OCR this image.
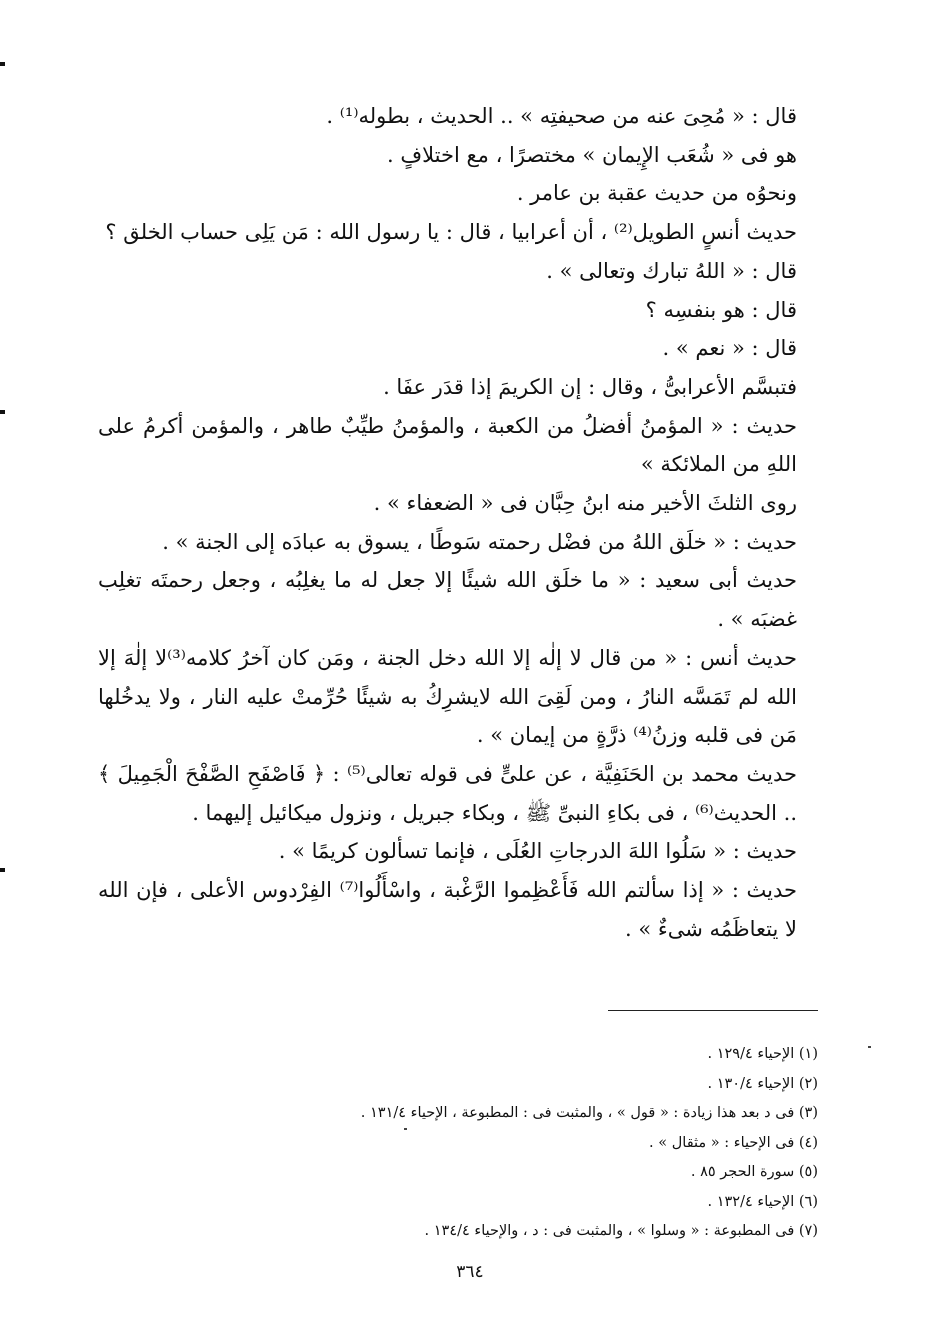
قال : « مُحِىَ عنه من صحيفتِه » .. الحديث ، بطوله⁽¹⁾ .

هو فى « شُعَب الإِيمان » مختصرًا ، مع اختلافٍ .

ونحوُه من حديث عقبة بن عامر .

حديث أنسٍ الطويل⁽²⁾ ، أن أعرابيا ، قال : يا رسول الله : مَن يَلِى حساب الخلق ؟

قال : « اللهُ تبارك وتعالى » .

قال : هو بنفسِه ؟

قال : « نعم » .

فتبسَّم الأعرابىُّ ، وقال : إن الكريمَ إذا قدَر عفَا .

حديث : « المؤمنُ أفضلُ من الكعبة ، والمؤمنُ طيِّبٌ طاهر ، والمؤمن أكرمُ على اللهِ من الملائكة »

روى الثلثَ الأخير منه ابنُ حِبَّان فى « الضعفاء » .

حديث : « خلَق اللهُ من فضْل رحمته سَوطًا ، يسوق به عبادَه إلى الجنة » .

حديث أبى سعيد : « ما خلَق الله شيئًا إلا جعل له ما يغلِبُه ، وجعل رحمتَه تغلِب غضبَه » .

حديث أنس : « من قال لا إلٰه إلا الله دخل الجنة ، ومَن كان آخرُ كلامه⁽³⁾لا إلٰهَ إلا الله لم تَمَسَّه النارُ ، ومن لَقِىَ الله لايشرِكُ به شيئًا حُرِّمتْ عليه النار ، ولا يدخُلها مَن فى قلبه وزنُ⁽⁴⁾ ذرَّةٍ من إيمان » .

حديث محمد بن الحَنَفِيَّة ، عن علىٍّ فى قوله تعالى⁽⁵⁾ : ﴿ فَاصْفَحِ الصَّفْحَ الْجَمِيلَ ﴾ .. الحديث⁽⁶⁾ ، فى بكاءِ النبىِّ ﷺ ، وبكاء جبريل ، ونزول ميكائيل إليهما .

حديث : « سَلُوا اللهَ الدرجاتِ العُلَى ، فإنما تسألون كريمًا » .

حديث : « إذا سألتم الله فَأَعْظِموا الرَّغْبة ، واسْأَلُوا⁽⁷⁾ الفِرْدوس الأعلى ، فإن الله لا يتعاظَمُه شىءٌ » .

(١) الإحياء ١٢٩/٤ .
(٢) الإحياء ١٣٠/٤ .
(٣) فى د بعد هذا زيادة : « قول » ، والمثبت فى : المطبوعة ، الإحياء ١٣١/٤ .
(٤) فى الإحياء : « مثقال » .
(٥) سورة الحجر ٨٥ .
(٦) الإحياء ١٣٢/٤ .
(٧) فى المطبوعة : « وسلوا » ، والمثبت فى : د ، والإحياء ١٣٤/٤ .
٣٦٤
